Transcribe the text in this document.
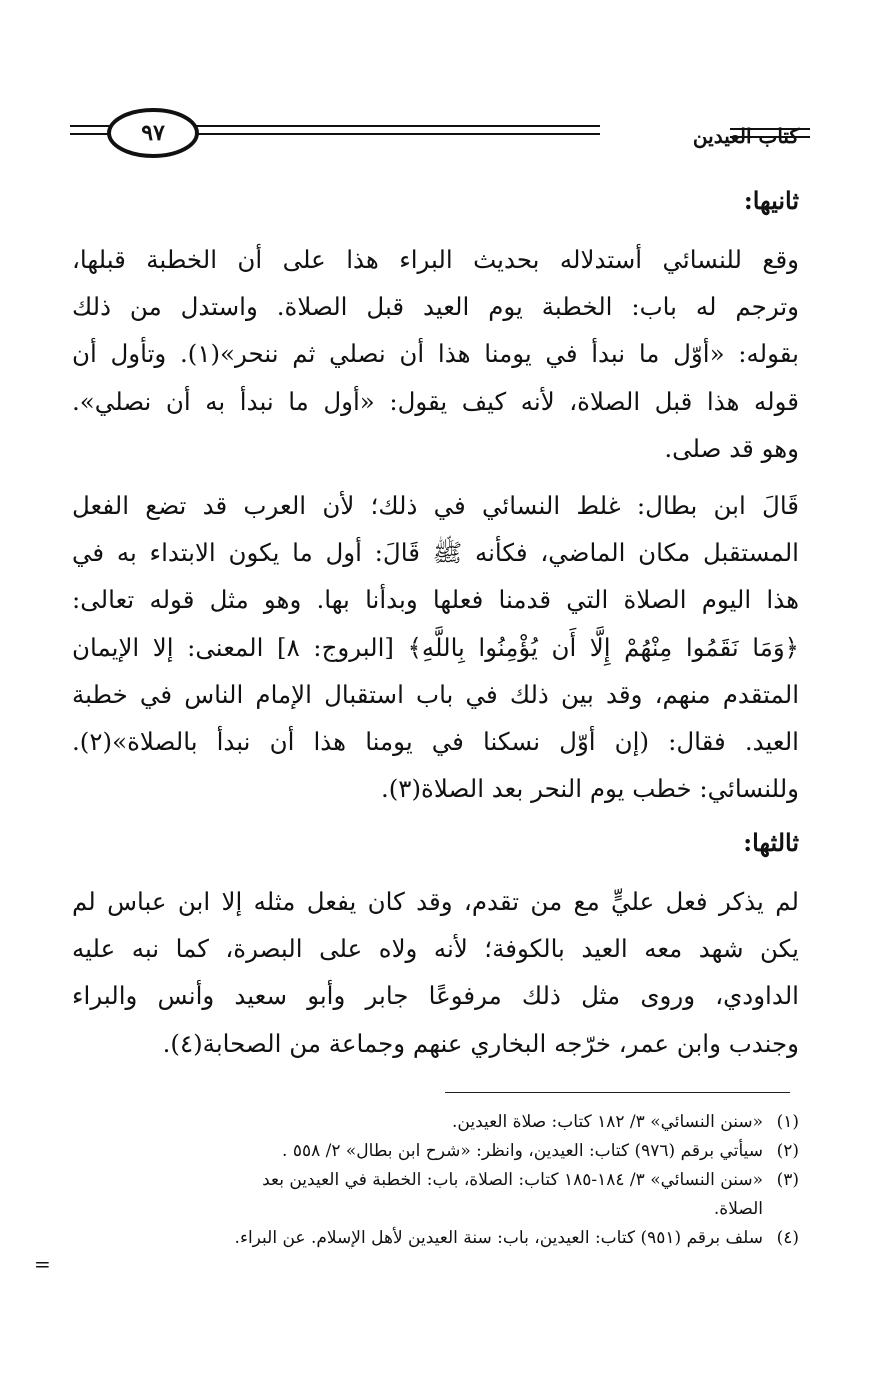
٩٧	كتاب العيدين
ثانيها:
وقع للنسائي أستدلاله بحديث البراء هذا على أن الخطبة قبلها،
وترجم له باب: الخطبة يوم العيد قبل الصلاة. واستدل من ذلك
بقوله: «أوّل ما نبدأ في يومنا هذا أن نصلي ثم ننحر»(١). وتأول أن
قوله هذا قبل الصلاة، لأنه كيف يقول: «أول ما نبدأ به أن نصلي».
وهو قد صلى.
قَالَ ابن بطال: غلط النسائي في ذلك؛ لأن العرب قد تضع الفعل
المستقبل مكان الماضي، فكأنه ﷺ قَالَ: أول ما يكون الابتداء به في
هذا اليوم الصلاة التي قدمنا فعلها وبدأنا بها. وهو مثل قوله تعالى:
﴿وَمَا نَقَمُوا مِنْهُمْ إِلَّا أَن يُؤْمِنُوا بِاللَّهِ﴾ [البروج: ٨] المعنى: إلا الإيمان
المتقدم منهم، وقد بين ذلك في باب استقبال الإمام الناس في خطبة
العيد. فقال: (إن أوّل نسكنا في يومنا هذا أن نبدأ بالصلاة»(٢).
وللنسائي: خطب يوم النحر بعد الصلاة(٣).
ثالثها:
لم يذكر فعل عليٍّ مع من تقدم، وقد كان يفعل مثله إلا ابن عباس لم
يكن شهد معه العيد بالكوفة؛ لأنه ولاه على البصرة، كما نبه عليه
الداودي، وروى مثل ذلك مرفوعًا جابر وأبو سعيد وأنس والبراء
وجندب وابن عمر، خرّجه البخاري عنهم وجماعة من الصحابة(٤).
(١)
«سنن النسائي» ٣/ ١٨٢ كتاب: صلاة العيدين.
(٢)
سيأتي برقم (٩٧٦) كتاب: العيدين، وانظر: «شرح ابن بطال» ٢/ ٥٥٨ .
(٣)
«سنن النسائي» ٣/ ١٨٤-١٨٥ كتاب: الصلاة، باب: الخطبة في العيدين بعد
الصلاة.
(٤)
سلف برقم (٩٥١) كتاب: العيدين، باب: سنة العيدين لأهل الإسلام. عن البراء.
=
